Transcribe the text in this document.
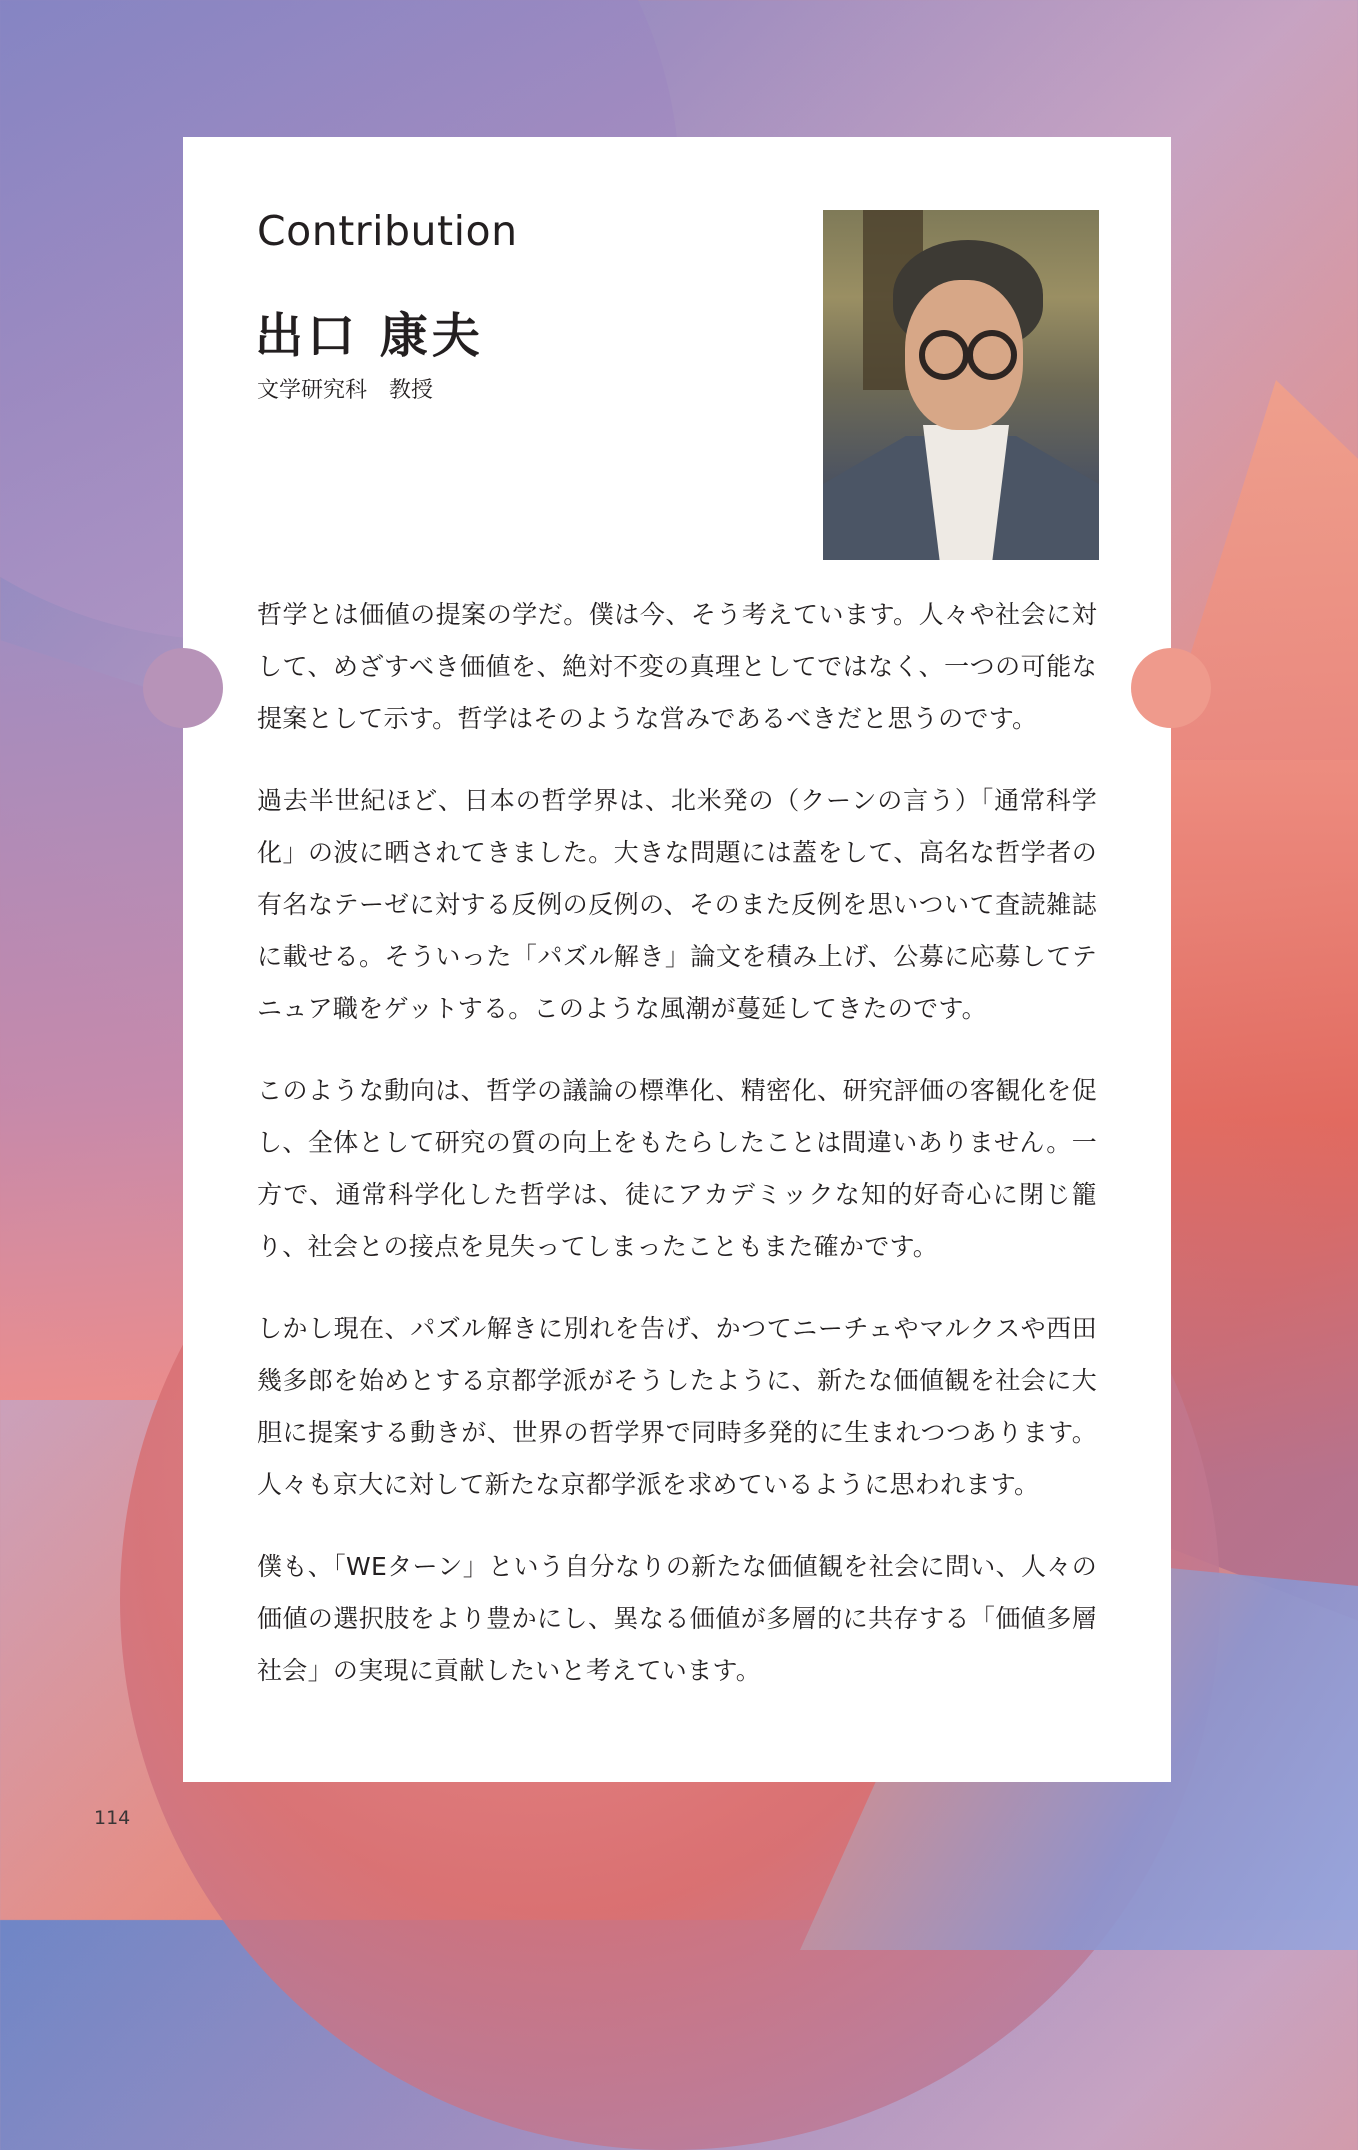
Contribution
出口 康夫
文学研究科　教授

哲学とは価値の提案の学だ。僕は今、そう考えています。人々や社会に対して、めざすべき価値を、絶対不変の真理としてではなく、一つの可能な提案として示す。哲学はそのような営みであるべきだと思うのです。

過去半世紀ほど、日本の哲学界は、北米発の（クーンの言う）「通常科学化」の波に晒されてきました。大きな問題には蓋をして、高名な哲学者の有名なテーゼに対する反例の反例の、そのまた反例を思いついて査読雑誌に載せる。そういった「パズル解き」論文を積み上げ、公募に応募してテニュア職をゲットする。このような風潮が蔓延してきたのです。

このような動向は、哲学の議論の標準化、精密化、研究評価の客観化を促し、全体として研究の質の向上をもたらしたことは間違いありません。一方で、通常科学化した哲学は、徒にアカデミックな知的好奇心に閉じ籠り、社会との接点を見失ってしまったこともまた確かです。

しかし現在、パズル解きに別れを告げ、かつてニーチェやマルクスや西田幾多郎を始めとする京都学派がそうしたように、新たな価値観を社会に大胆に提案する動きが、世界の哲学界で同時多発的に生まれつつあります。人々も京大に対して新たな京都学派を求めているように思われます。

僕も、「WEターン」という自分なりの新たな価値観を社会に問い、人々の価値の選択肢をより豊かにし、異なる価値が多層的に共存する「価値多層社会」の実現に貢献したいと考えています。

114
